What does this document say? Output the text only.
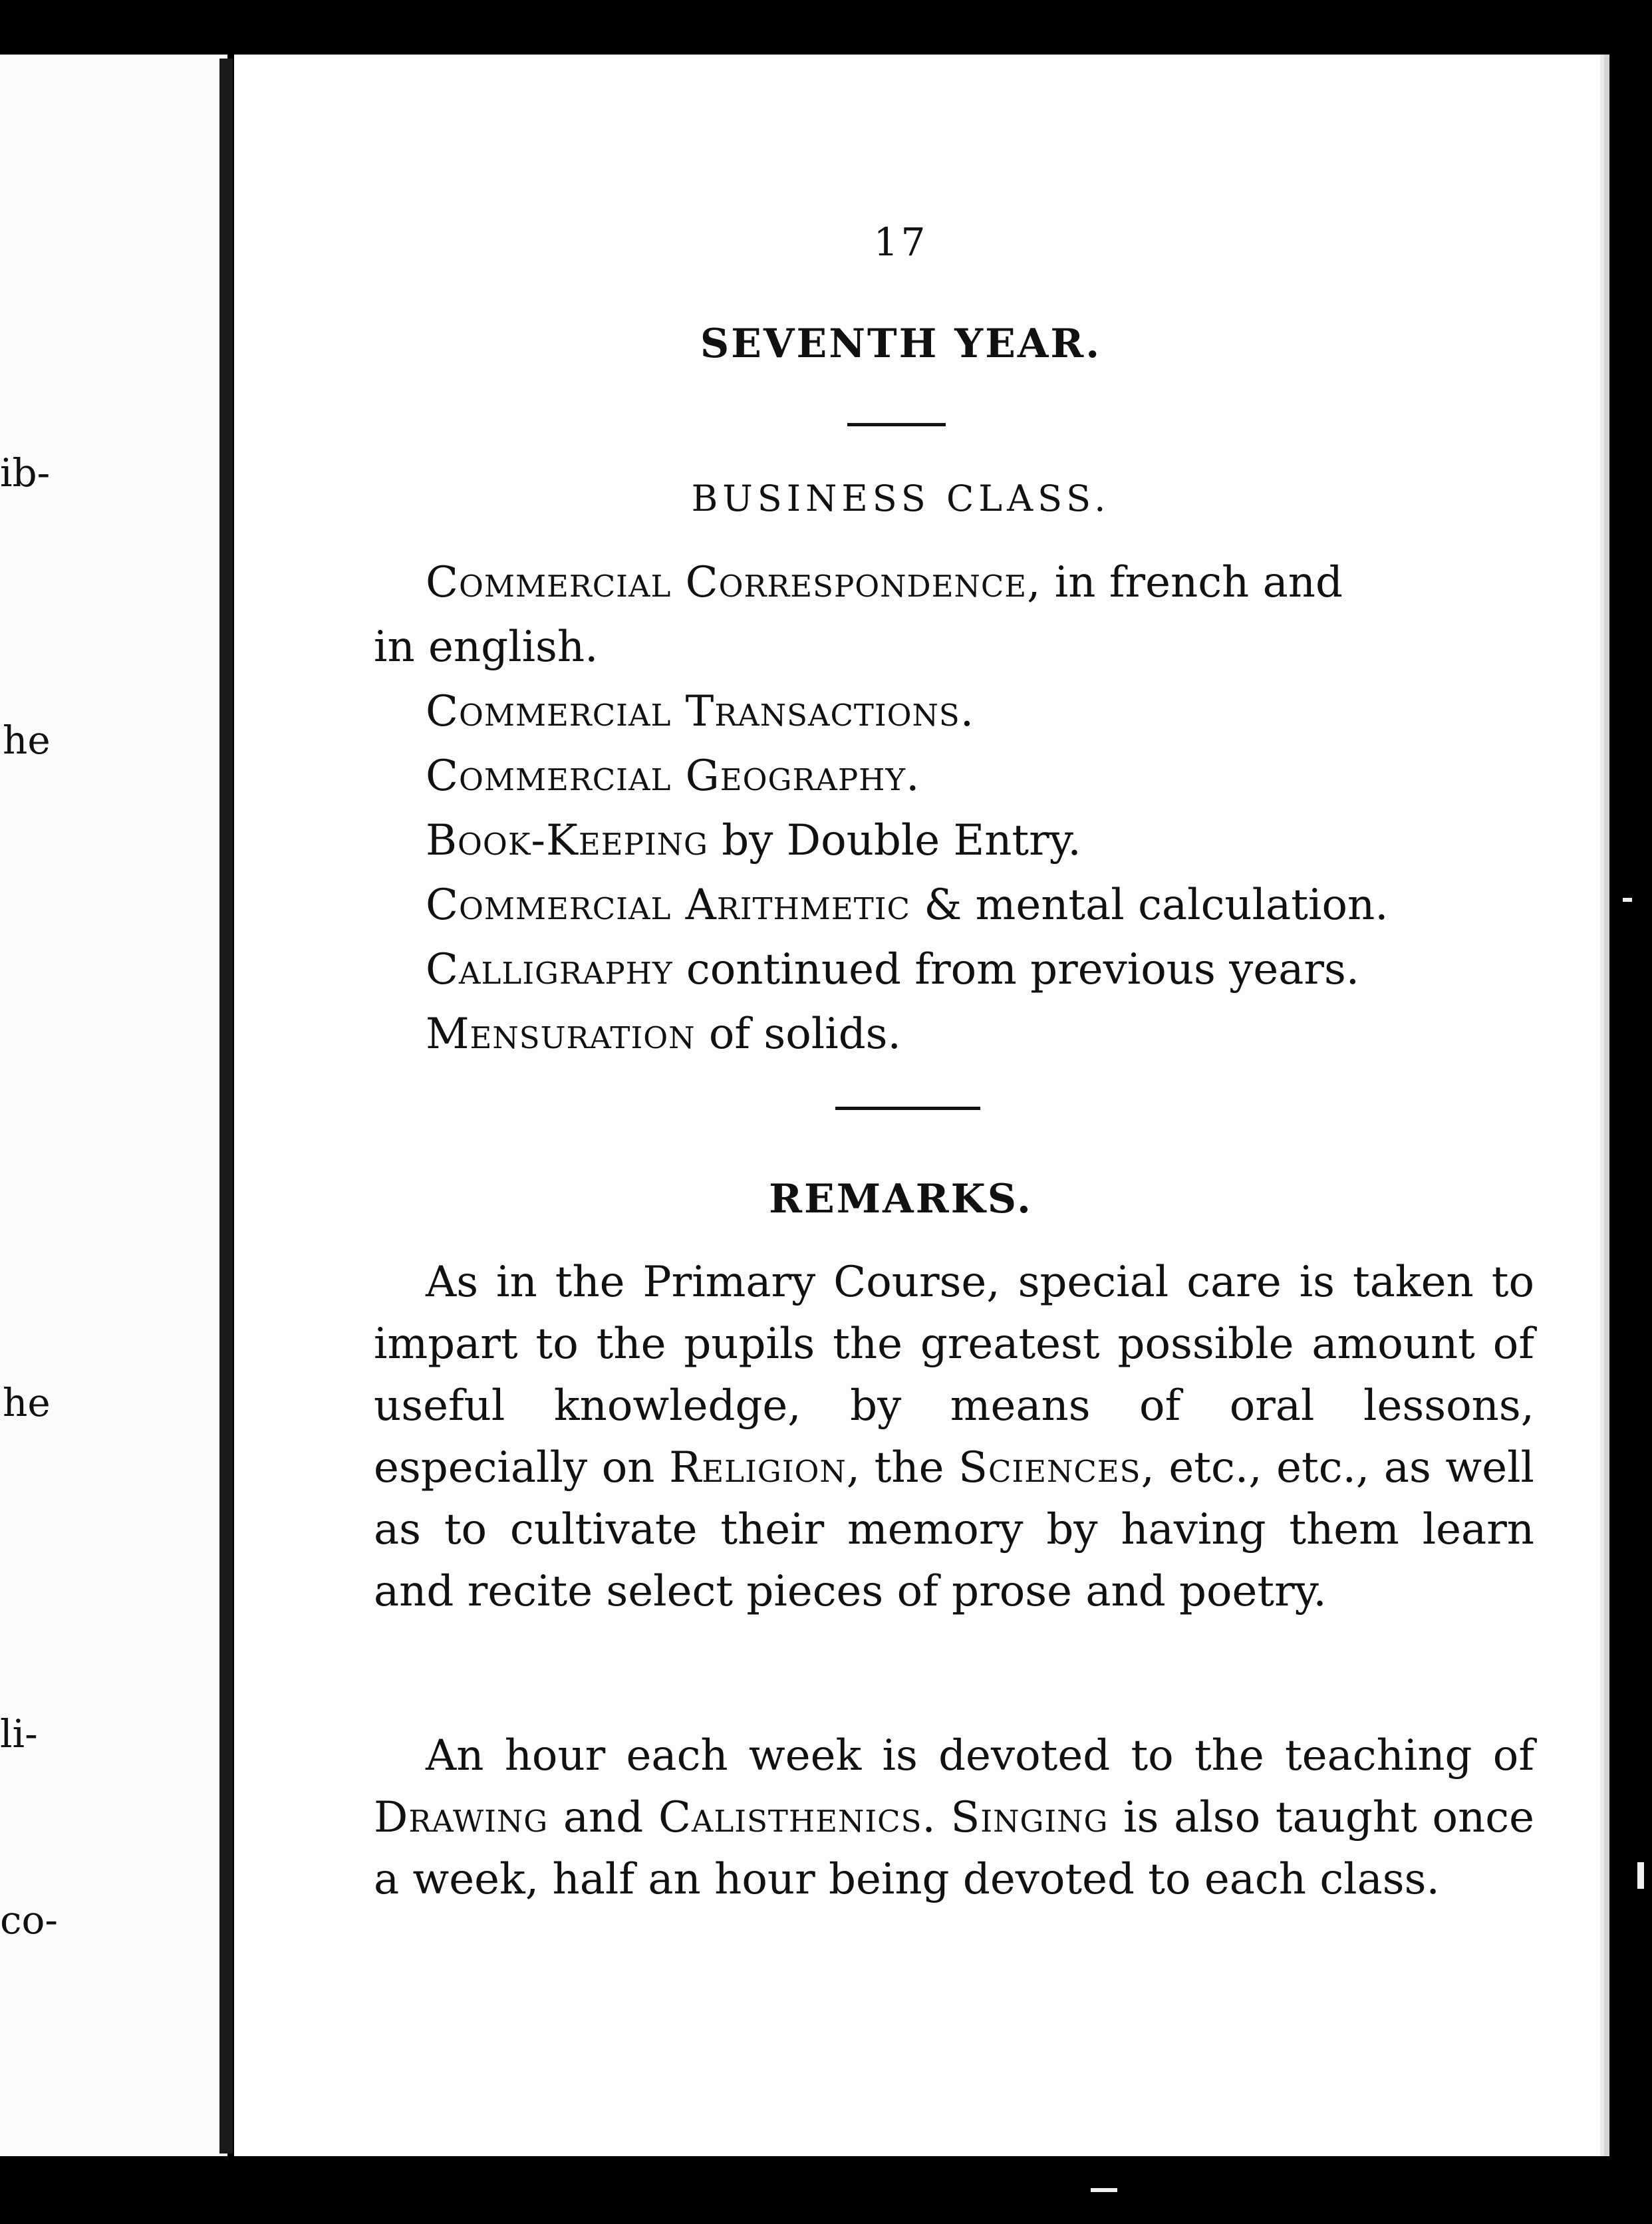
ib-
he
he
li-
co-
17
SEVENTH YEAR.
BUSINESS CLASS.
Commercial Correspondence, in french and
in english.
Commercial Transactions.
Commercial Geography.
Book-Keeping by Double Entry.
Commercial Arithmetic & mental calculation.
Calligraphy continued from previous years.
Mensuration of solids.
REMARKS.

As in the Primary Course, special care is taken to impart to the pupils the greatest possible amount of useful knowledge, by means of oral lessons, especially on Religion, the Sciences, etc., etc., as well as to cultivate their memory by having them learn and recite select pieces of prose and poetry.

An hour each week is devoted to the teaching of Drawing and Calisthenics. Singing is also taught once a week, half an hour being devoted to each class.
